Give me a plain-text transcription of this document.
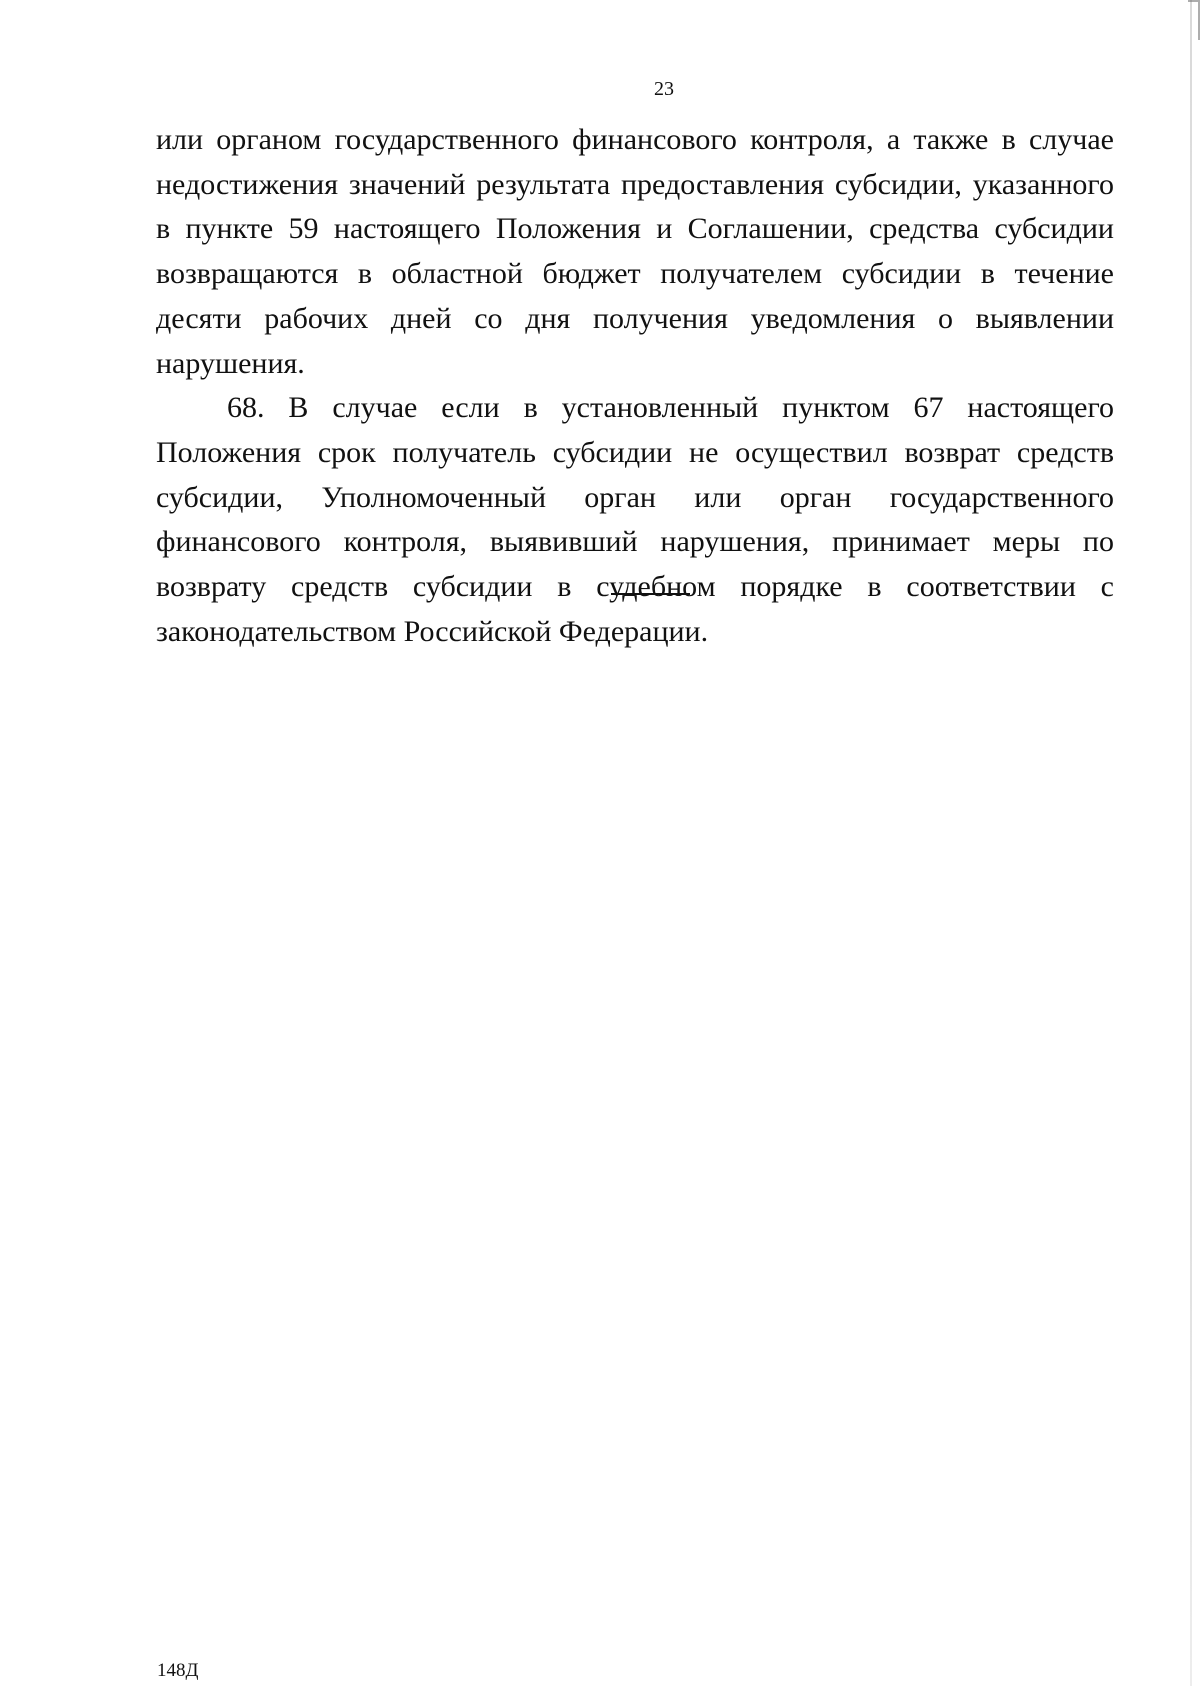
23

или органом государственного финансового контроля, а также в случае недостижения значений результата предоставления субсидии, указанного в пункте 59 настоящего Положения и Соглашении, средства субсидии возвращаются в областной бюджет получателем субсидии в течение десяти рабочих дней со дня получения уведомления о выявлении нарушения.

68. В случае если в установленный пунктом 67 настоящего Положения срок получатель субсидии не осуществил возврат средств субсидии, Уполномоченный орган или орган государственного финансового контроля, выявивший нарушения, принимает меры по возврату средств субсидии в судебном порядке в соответствии с законодательством Российской Федерации.

148Д
